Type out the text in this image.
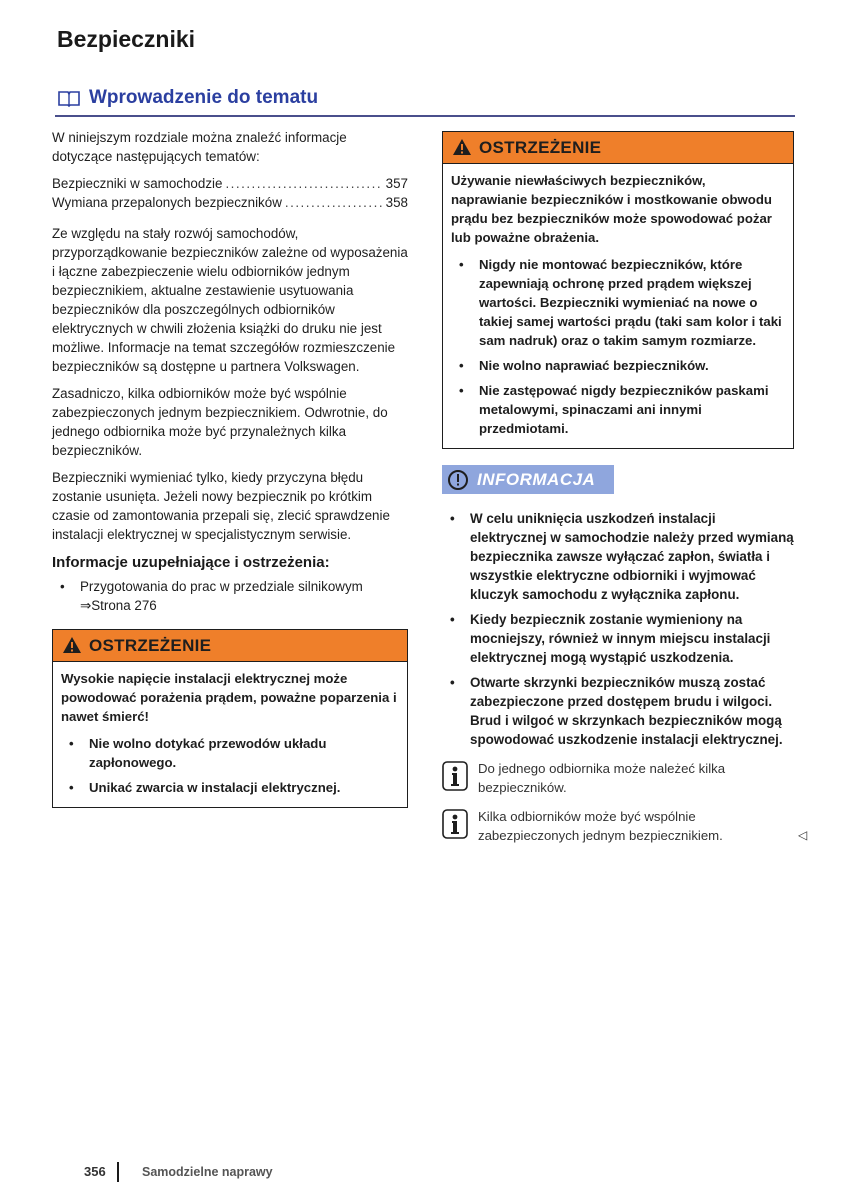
Bezpieczniki
Wprowadzenie do tematu

W niniejszym rozdziale można znaleźć informacje dotyczące następujących tematów:

Bezpieczniki w samochodzie .....	357
Wymiana przepalonych bezpieczników .....	358

Ze względu na stały rozwój samochodów, przyporządkowanie bezpieczników zależne od wyposażenia i łączne zabezpieczenie wielu odbiorników jednym bezpiecznikiem, aktualne zestawienie usytuowania bezpieczników dla poszczególnych odbiorników elektrycznych w chwili złożenia książki do druku nie jest możliwe. Informacje na temat szczegółów rozmieszczenie bezpieczników są dostępne u partnera Volkswagen.

Zasadniczo, kilka odbiorników może być wspólnie zabezpieczonych jednym bezpiecznikiem. Odwrotnie, do jednego odbiornika może być przynależnych kilka bezpieczników.

Bezpieczniki wymieniać tylko, kiedy przyczyna błędu zostanie usunięta. Jeżeli nowy bezpiecznik po krótkim czasie od zamontowania przepali się, zlecić sprawdzenie instalacji elektrycznej w specjalistycznym serwisie.

Informacje uzupełniające i ostrzeżenia:
• Przygotowania do prac w przedziale silnikowym ⇒Strona 276
OSTRZEŻENIE

Wysokie napięcie instalacji elektrycznej może powodować porażenia prądem, poważne poparzenia i nawet śmierć!

• Nie wolno dotykać przewodów układu zapłonowego.
• Unikać zwarcia w instalacji elektrycznej.
OSTRZEŻENIE

Używanie niewłaściwych bezpieczników, naprawianie bezpieczników i mostkowanie obwodu prądu bez bezpieczników może spowodować pożar lub poważne obrażenia.

• Nigdy nie montować bezpieczników, które zapewniają ochronę przed prądem większej wartości. Bezpieczniki wymieniać na nowe o takiej samej wartości prądu (taki sam kolor i taki sam nadruk) oraz o takim samym rozmiarze.
• Nie wolno naprawiać bezpieczników.
• Nie zastępować nigdy bezpieczników paskami metalowymi, spinaczami ani innymi przedmiotami.
INFORMACJA
• W celu uniknięcia uszkodzeń instalacji elektrycznej w samochodzie należy przed wymianą bezpiecznika zawsze wyłączać zapłon, światła i wszystkie elektryczne odbiorniki i wyjmować kluczyk samochodu z wyłącznika zapłonu.
• Kiedy bezpiecznik zostanie wymieniony na mocniejszy, również w innym miejscu instalacji elektrycznej mogą wystąpić uszkodzenia.
• Otwarte skrzynki bezpieczników muszą zostać zabezpieczone przed dostępem brudu i wilgoci. Brud i wilgoć w skrzynkach bezpieczników mogą spowodować uszkodzenie instalacji elektrycznej.

Do jednego odbiornika może należeć kilka bezpieczników.

Kilka odbiorników może być wspólnie zabezpieczonych jednym bezpiecznikiem.	◁
356	Samodzielne naprawy
